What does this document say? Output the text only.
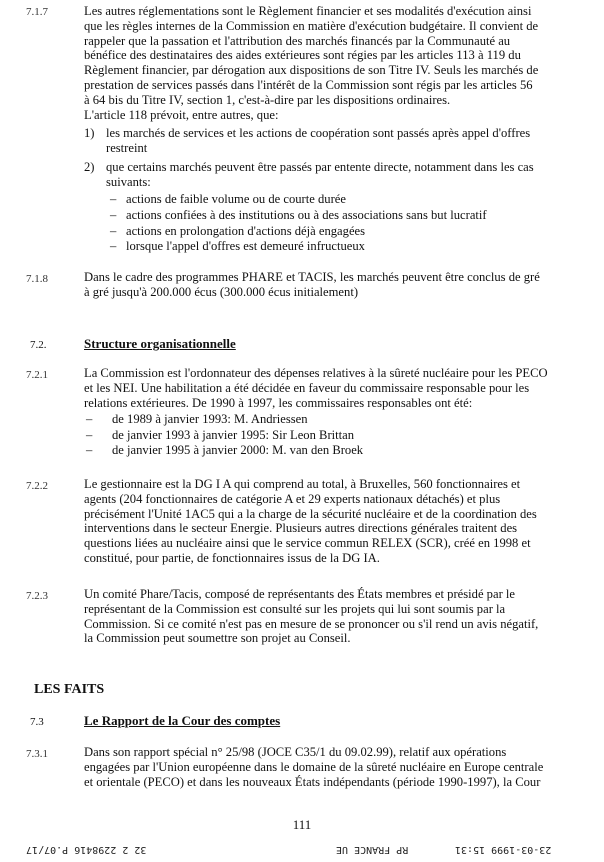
7.1.7	Les autres réglementations sont le Règlement financier et ses modalités d'exécution ainsi
que les règles internes de la Commission en matière d'exécution budgétaire. Il convient de
rappeler que la passation et l'attribution des marchés financés par la Communauté au
bénéfice des destinataires des aides extérieures sont régies par les articles 113 à 119 du
Règlement financier, par dérogation aux dispositions de son Titre IV. Seuls les marchés de
prestation de services passés dans l'intérêt de la Commission sont régis par les articles 56
à 64 bis du Titre IV, section 1, c'est-à-dire par les dispositions ordinaires.
L'article 118 prévoit, entre autres, que:
1) les marchés de services et les actions de coopération sont passés après appel d'offres
restreint
2) que certains marchés peuvent être passés par entente directe, notamment dans les cas
suivants:
– actions de faible volume ou de courte durée
– actions confiées à des institutions ou à des associations sans but lucratif
– actions en prolongation d'actions déjà engagées
– lorsque l'appel d'offres est demeuré infructueux
7.1.8	Dans le cadre des programmes PHARE et TACIS, les marchés peuvent être conclus de gré
à gré jusqu'à 200.000 écus (300.000 écus initialement)
7.2.	Structure organisationnelle
7.2.1	La Commission est l'ordonnateur des dépenses relatives à la sûreté nucléaire pour les PECO
et les NEI. Une habilitation a été décidée en faveur du commissaire responsable pour les
relations extérieures. De 1990 à 1997, les commissaires responsables ont été:
– de 1989 à janvier 1993: M. Andriessen
– de janvier 1993 à janvier 1995: Sir Leon Brittan
– de janvier 1995 à janvier 2000: M. van den Broek
7.2.2	Le gestionnaire est la DG I A qui comprend au total, à Bruxelles, 560 fonctionnaires et
agents (204 fonctionnaires de catégorie A et 29 experts nationaux détachés) et plus
précisément l'Unité 1AC5 qui a la charge de la sécurité nucléaire et de la coordination des
interventions dans le secteur Energie. Plusieurs autres directions générales traitent des
questions liées au nucléaire ainsi que le service commun RELEX (SCR), créé en 1998 et
constitué, pour partie, de fonctionnaires issus de la DG IA.
7.2.3	Un comité Phare/Tacis, composé de représentants des États membres et présidé par le
représentant de la Commission est consulté sur les projets qui lui sont soumis par la
Commission. Si ce comité n'est pas en mesure de se prononcer ou s'il rend un avis négatif,
la Commission peut soumettre son projet au Conseil.
LES FAITS
7.3	Le Rapport de la Cour des comptes
7.3.1	Dans son rapport spécial n° 25/98 (JOCE C35/1 du 09.02.99), relatif aux opérations
engagées par l'Union européenne dans le domaine de la sûreté nucléaire en Europe centrale
et orientale (PECO) et dans les nouveaux États indépendants (période 1990-1997), la Cour
111
23-03-1999 15:31
RP FRANCE UE
32 2 2298416 P.07/17
